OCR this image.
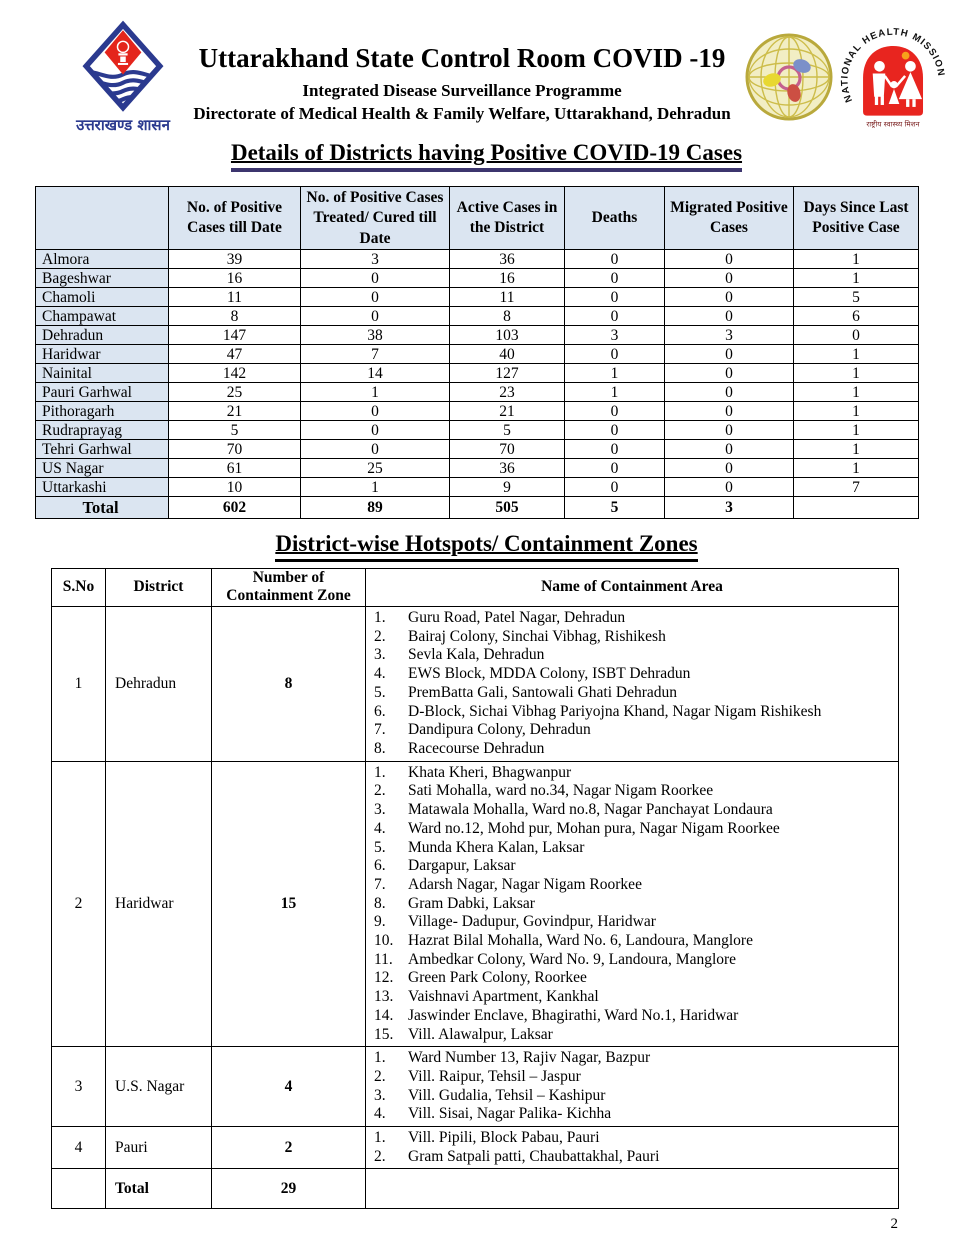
उत्तराखण्ड शासन
Uttarakhand State Control Room COVID -19
Integrated Disease Surveillance Programme
Directorate of Medical Health & Family Welfare, Uttarakhand, Dehradun
NATIONAL HEALTH MISSION
राष्ट्रीय स्वास्थ्य मिशन
Details of Districts having Positive COVID-19 Cases
	No. of Positive Cases till Date	No. of Positive Cases Treated/ Cured till Date	Active Cases in the District	Deaths	Migrated Positive Cases	Days Since Last Positive Case
Almora	39	3	36	0	0	1
Bageshwar	16	0	16	0	0	1
Chamoli	11	0	11	0	0	5
Champawat	8	0	8	0	0	6
Dehradun	147	38	103	3	3	0
Haridwar	47	7	40	0	0	1
Nainital	142	14	127	1	0	1
Pauri Garhwal	25	1	23	1	0	1
Pithoragarh	21	0	21	0	0	1
Rudraprayag	5	0	5	0	0	1
Tehri Garhwal	70	0	70	0	0	1
US Nagar	61	25	36	0	0	1
Uttarkashi	10	1	9	0	0	7
Total	602	89	505	5	3	
District-wise Hotspots/ Containment Zones
S.No	District	Number of Containment Zone	Name of Containment Area
1	Dehradun	8	
1. Guru Road, Patel Nagar, Dehradun
2. Bairaj Colony, Sinchai Vibhag, Rishikesh
3. Sevla Kala, Dehradun
4. EWS Block, MDDA Colony, ISBT Dehradun
5. PremBatta Gali, Santowali Ghati Dehradun
6. D-Block, Sichai Vibhag Pariyojna Khand, Nagar Nigam Rishikesh
7. Dandipura Colony, Dehradun
8. Racecourse Dehradun

2	Haridwar	15	
1. Khata Kheri, Bhagwanpur
2. Sati Mohalla, ward no.34, Nagar Nigam Roorkee
3. Matawala Mohalla, Ward no.8, Nagar Panchayat Londaura
4. Ward no.12, Mohd pur, Mohan pura, Nagar Nigam Roorkee
5. Munda Khera Kalan, Laksar
6. Dargapur, Laksar
7. Adarsh Nagar, Nagar Nigam Roorkee
8. Gram Dabki, Laksar
9. Village- Dadupur, Govindpur, Haridwar
10. Hazrat Bilal Mohalla, Ward No. 6, Landoura, Manglore
11. Ambedkar Colony, Ward No. 9, Landoura, Manglore
12. Green Park Colony, Roorkee
13. Vaishnavi Apartment, Kankhal
14. Jaswinder Enclave, Bhagirathi, Ward No.1, Haridwar
15. Vill. Alawalpur, Laksar

3	U.S. Nagar	4	1. Ward Number 13, Rajiv Nagar, Bazpur
2. Vill. Raipur, Tehsil – Jaspur
3. Vill. Gudalia, Tehsil – Kashipur
4. Vill. Sisai, Nagar Palika- Kichha

4	Pauri	2	1. Vill. Pipili, Block Pabau, Pauri
2. Gram Satpali patti, Chaubattakhal, Pauri

	Total	29	
2
